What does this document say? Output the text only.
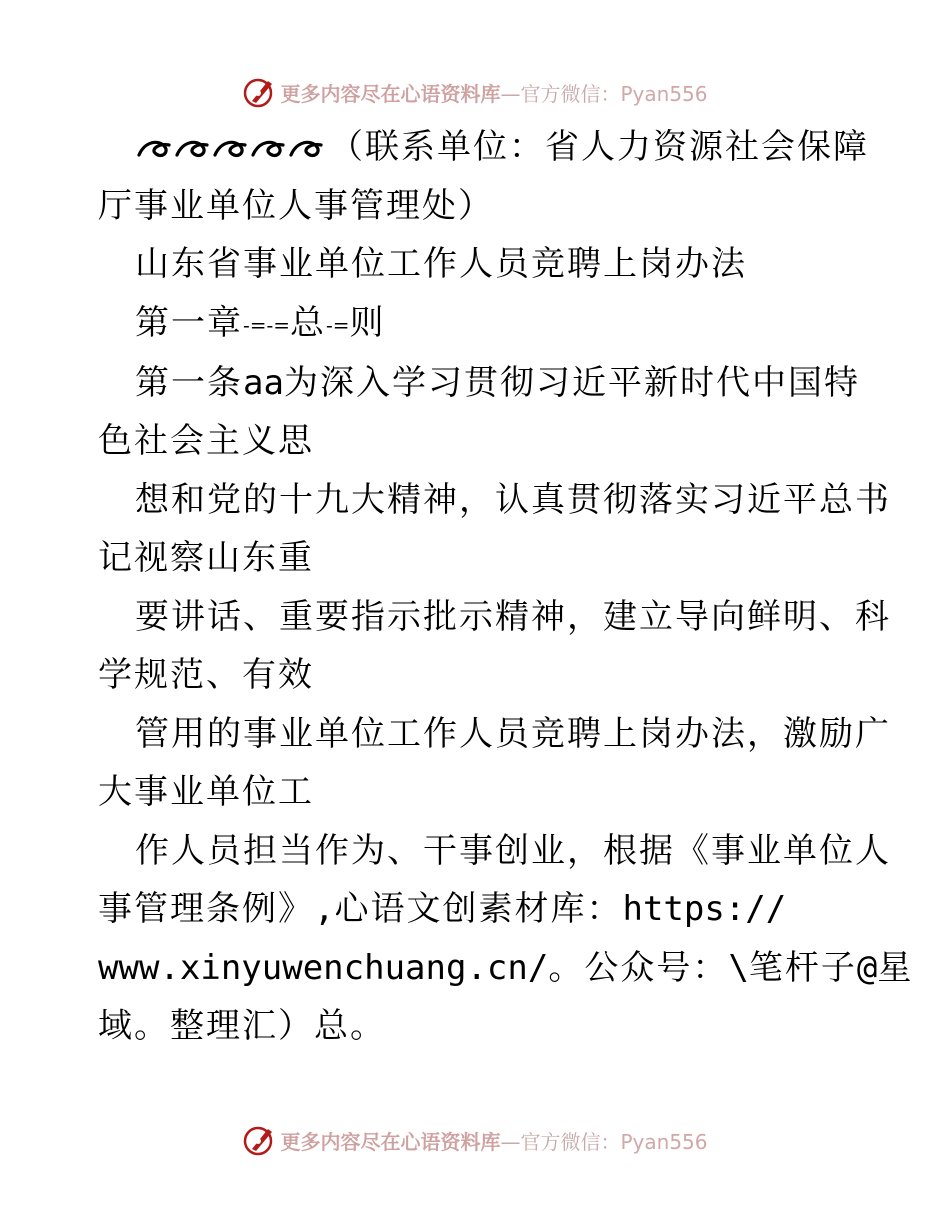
更多内容尽在心语资料库—官方微信：Pyan556
（联系单位：省人力资源社会保障
厅事业单位人事管理处）
山东省事业单位工作人员竞聘上岗办法
第一章-=-=总-=则
第一条aa为深入学习贯彻习近平新时代中国特
色社会主义思
想和党的十九大精神，认真贯彻落实习近平总书
记视察山东重
要讲话、重要指示批示精神，建立导向鲜明、科
学规范、有效
管用的事业单位工作人员竞聘上岗办法，激励广
大事业单位工
作人员担当作为、干事创业，根据《事业单位人
事管理条例》,心语文创素材库：https://
www.xinyuwenchuang.cn/。公众号：\笔杆子@星
域。整理汇）总。
更多内容尽在心语资料库—官方微信：Pyan556
